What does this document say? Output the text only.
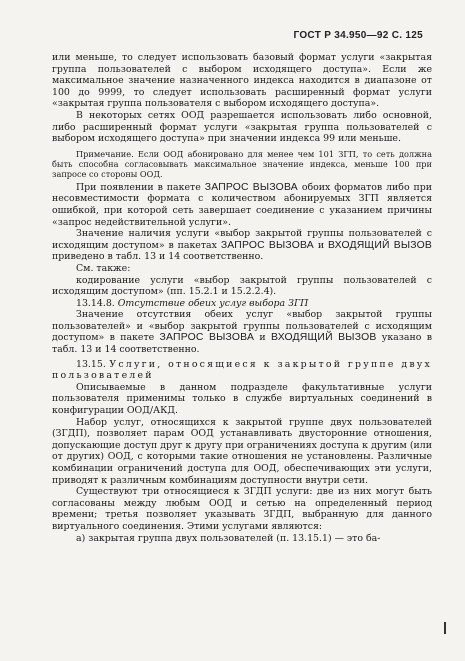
ГОСТ Р 34.950—92 С. 125

или меньше, то следует использовать базовый формат услуги «закрытая группа пользователей с выбором исходящего доступа». Если же максимальное значение назначенного индекса находится в диапазоне от 100 до 9999, то следует использовать расширенный формат услуги «закрытая группа пользователя с выбором исходящего доступа».

В некоторых сетях ООД разрешается использовать либо основной, либо расширенный формат услуги «закрытая группа пользователей с выбором исходящего доступа» при значении индекса 99 или меньше.

Примечание. Если ООД абонировано для менее чем 101 ЗГП, то сеть должна быть способна согласовывать максимальное значение индекса, меньше 100 при запросе со стороны ООД.

При появлении в пакете ЗАПРОС ВЫЗОВА обоих форматов либо при несовместимости формата с количеством абонируемых ЗГП является ошибкой, при которой сеть завершает соединение с указанием причины «запрос недействительной услуги».

Значение наличия услуги «выбор закрытой группы пользователей с исходящим доступом» в пакетах ЗАПРОС ВЫЗОВА и ВХОДЯЩИЙ ВЫЗОВ приведено в табл. 13 и 14 соответственно.

См. также:

кодирование услуги «выбор закрытой группы пользователей с исходящим доступом» (пп. 15.2.1 и 15.2.2.4).

13.14.8. Отсутствие обеих услуг выбора ЗГП

Значение отсутствия обеих услуг «выбор закрытой группы пользователей» и «выбор закрытой группы пользователей с исходящим доступом» в пакете ЗАПРОС ВЫЗОВА и ВХОДЯЩИЙ ВЫЗОВ указано в табл. 13 и 14 соответственно.

13.15. Услуги, относящиеся к закрытой группе двух пользователей

Описываемые в данном подразделе факультативные услуги пользователя применимы только в службе виртуальных соединений в конфигурации ООД/АКД.

Набор услуг, относящихся к закрытой группе двух пользователей (ЗГДП), позволяет парам ООД устанавливать двусторонние отношения, допускающие доступ друг к другу при ограничениях доступа к другим (или от других) ООД, с которыми такие отношения не установлены. Различные комбинации ограничений доступа для ООД, обеспечивающих эти услуги, приводят к различным комбинациям доступности внутри сети.

Существуют три относящиеся к ЗГДП услуги: две из них могут быть согласованы между любым ООД и сетью на определенный период времени; третья позволяет указывать ЗГДП, выбранную для данного виртуального соединения. Этими услугами являются:

а) закрытая группа двух пользователей (п. 13.15.1) — это ба-
